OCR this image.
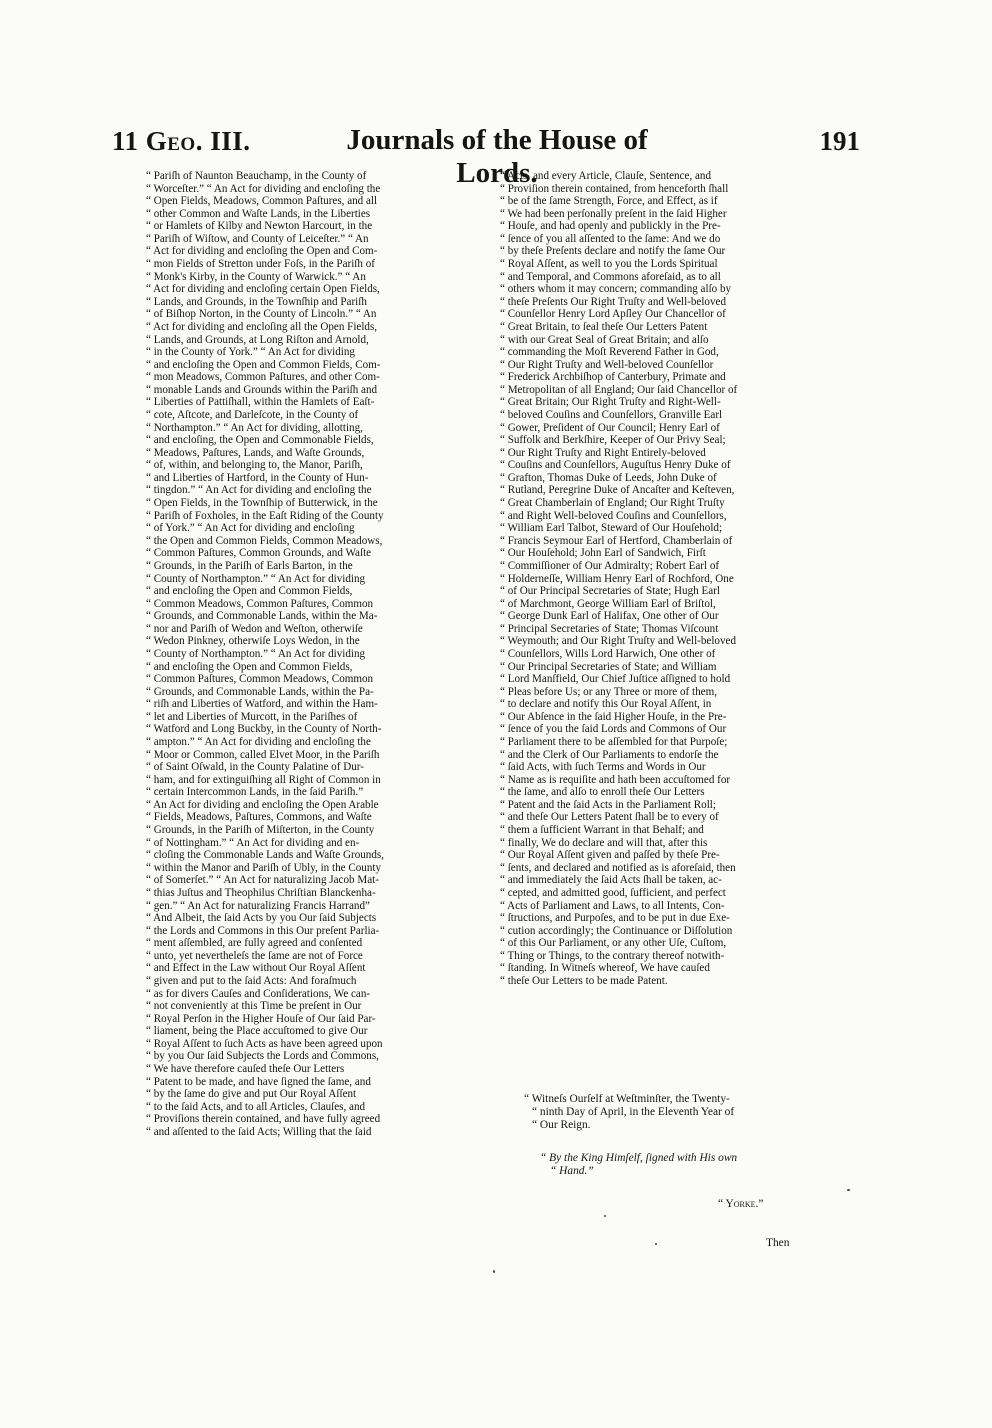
11 Geo. III.	Journals of the House of Lords.
191
“ Pariſh of Naunton Beauchamp, in the County of
“ Worceſter.” “ An Act for dividing and encloſing the
“ Open Fields, Meadows, Common Paſtures, and all
“ other Common and Waſte Lands, in the Liberties
“ or Hamlets of Kilby and Newton Harcourt, in the
“ Pariſh of Wiſtow, and County of Leiceſter.” “ An
“ Act for dividing and encloſing the Open and Com-
“ mon Fields of Stretton under Foſs, in the Pariſh of
“ Monk's Kirby, in the County of Warwick.” “ An
“ Act for dividing and encloſing certain Open Fields,
“ Lands, and Grounds, in the Townſhip and Pariſh
“ of Biſhop Norton, in the County of Lincoln.” “ An
“ Act for dividing and encloſing all the Open Fields,
“ Lands, and Grounds, at Long Riſton and Arnold,
“ in the County of York.” “ An Act for dividing
“ and encloſing the Open and Common Fields, Com-
“ mon Meadows, Common Paſtures, and other Com-
“ monable Lands and Grounds within the Pariſh and
“ Liberties of Pattiſhall, within the Hamlets of Eaſt-
“ cote, Aſtcote, and Darleſcote, in the County of
“ Northampton.” “ An Act for dividing, allotting,
“ and encloſing, the Open and Commonable Fields,
“ Meadows, Paſtures, Lands, and Waſte Grounds,
“ of, within, and belonging to, the Manor, Pariſh,
“ and Liberties of Hartford, in the County of Hun-
“ tingdon.” “ An Act for dividing and encloſing the
“ Open Fields, in the Townſhip of Butterwick, in the
“ Pariſh of Foxholes, in the Eaſt Riding of the County
“ of York.” “ An Act for dividing and encloſing
“ the Open and Common Fields, Common Meadows,
“ Common Paſtures, Common Grounds, and Waſte
“ Grounds, in the Pariſh of Earls Barton, in the
“ County of Northampton.” “ An Act for dividing
“ and encloſing the Open and Common Fields,
“ Common Meadows, Common Paſtures, Common
“ Grounds, and Commonable Lands, within the Ma-
“ nor and Pariſh of Wedon and Weſton, otherwiſe
“ Wedon Pinkney, otherwiſe Loys Wedon, in the
“ County of Northampton.” “ An Act for dividing
“ and encloſing the Open and Common Fields,
“ Common Paſtures, Common Meadows, Common
“ Grounds, and Commonable Lands, within the Pa-
“ riſh and Liberties of Watford, and within the Ham-
“ let and Liberties of Murcott, in the Pariſhes of
“ Watford and Long Buckby, in the County of North-
“ ampton.” “ An Act for dividing and encloſing the
“ Moor or Common, called Elvet Moor, in the Pariſh
“ of Saint Oſwald, in the County Palatine of Dur-
“ ham, and for extinguiſhing all Right of Common in
“ certain Intercommon Lands, in the ſaid Pariſh.”
“ An Act for dividing and encloſing the Open Arable
“ Fields, Meadows, Paſtures, Commons, and Waſte
“ Grounds, in the Pariſh of Miſterton, in the County
“ of Nottingham.” “ An Act for dividing and en-
“ cloſing the Commonable Lands and Waſte Grounds,
“ within the Manor and Pariſh of Ubly, in the County
“ of Somerſet.” “ An Act for naturalizing Jacob Mat-
“ thias Juſtus and Theophilus Chriſtian Blanckenha-
“ gen.” “ An Act for naturalizing Francis Harrand”
“ And Albeit, the ſaid Acts by you Our ſaid Subjects
“ the Lords and Commons in this Our preſent Parlia-
“ ment aſſembled, are fully agreed and conſented
“ unto, yet nevertheleſs the ſame are not of Force
“ and Effect in the Law without Our Royal Aſſent
“ given and put to the ſaid Acts: And foraſmuch
“ as for divers Cauſes and Conſiderations, We can-
“ not conveniently at this Time be preſent in Our
“ Royal Perſon in the Higher Houſe of Our ſaid Par-
“ liament, being the Place accuſtomed to give Our
“ Royal Aſſent to ſuch Acts as have been agreed upon
“ by you Our ſaid Subjects the Lords and Commons,
“ We have therefore cauſed theſe Our Letters
“ Patent to be made, and have ſigned the ſame, and
“ by the ſame do give and put Our Royal Aſſent
“ to the ſaid Acts, and to all Articles, Clauſes, and
“ Proviſions therein contained, and have fully agreed
“ and aſſented to the ſaid Acts; Willing that the ſaid
“ Acts, and every Article, Clauſe, Sentence, and
“ Proviſion therein contained, from henceforth ſhall
“ be of the ſame Strength, Force, and Effect, as if
“ We had been perſonally preſent in the ſaid Higher
“ Houſe, and had openly and publickly in the Pre-
“ ſence of you all aſſented to the ſame: And we do
“ by theſe Preſents declare and notify the ſame Our
“ Royal Aſſent, as well to you the Lords Spiritual
“ and Temporal, and Commons aforeſaid, as to all
“ others whom it may concern; commanding alſo by
“ theſe Preſents Our Right Truſty and Well-beloved
“ Counſellor Henry Lord Apſley Our Chancellor of
“ Great Britain, to ſeal theſe Our Letters Patent
“ with our Great Seal of Great Britain; and alſo
“ commanding the Moſt Reverend Father in God,
“ Our Right Truſty and Well-beloved Counſellor
“ Frederick Archbiſhop of Canterbury, Primate and
“ Metropolitan of all England; Our ſaid Chancellor of
“ Great Britain; Our Right Truſty and Right-Well-
“ beloved Couſins and Counſellors, Granville Earl
“ Gower, Preſident of Our Council; Henry Earl of
“ Suffolk and Berkſhire, Keeper of Our Privy Seal;
“ Our Right Truſty and Right Entirely-beloved
“ Couſins and Counſellors, Auguſtus Henry Duke of
“ Grafton, Thomas Duke of Leeds, John Duke of
“ Rutland, Peregrine Duke of Ancaſter and Keſteven,
“ Great Chamberlain of England; Our Right Truſty
“ and Right Well-beloved Couſins and Counſellors,
“ William Earl Talbot, Steward of Our Houſehold;
“ Francis Seymour Earl of Hertford, Chamberlain of
“ Our Houſehold; John Earl of Sandwich, Firſt
“ Commiſſioner of Our Admiralty; Robert Earl of
“ Holderneſſe, William Henry Earl of Rochford, One
“ of Our Principal Secretaries of State; Hugh Earl
“ of Marchmont, George William Earl of Briſtol,
“ George Dunk Earl of Halifax, One other of Our
“ Principal Secretaries of State; Thomas Viſcount
“ Weymouth; and Our Right Truſty and Well-beloved
“ Counſellors, Wills Lord Harwich, One other of
“ Our Principal Secretaries of State; and William
“ Lord Manſfield, Our Chief Juſtice aſſigned to hold
“ Pleas before Us; or any Three or more of them,
“ to declare and notify this Our Royal Aſſent, in
“ Our Abſence in the ſaid Higher Houſe, in the Pre-
“ ſence of you the ſaid Lords and Commons of Our
“ Parliament there to be aſſembled for that Purpoſe;
“ and the Clerk of Our Parliaments to endorſe the
“ ſaid Acts, with ſuch Terms and Words in Our
“ Name as is requiſite and hath been accuſtomed for
“ the ſame, and alſo to enroll theſe Our Letters
“ Patent and the ſaid Acts in the Parliament Roll;
“ and theſe Our Letters Patent ſhall be to every of
“ them a ſufficient Warrant in that Behalf; and
“ finally, We do declare and will that, after this
“ Our Royal Aſſent given and paſſed by theſe Pre-
“ ſents, and declared and notified as is aforeſaid, then
“ and immediately the ſaid Acts ſhall be taken, ac-
“ cepted, and admitted good, ſufficient, and perfect
“ Acts of Parliament and Laws, to all Intents, Con-
“ ſtructions, and Purpoſes, and to be put in due Exe-
“ cution accordingly; the Continuance or Diſſolution
“ of this Our Parliament, or any other Uſe, Cuſtom,
“ Thing or Things, to the contrary thereof notwith-
“ ſtanding. In Witneſs whereof, We have cauſed
“ theſe Our Letters to be made Patent.
“ Witneſs Ourſelf at Weſtminſter, the Twenty-
“ ninth Day of April, in the Eleventh Year of
“ Our Reign.
“ By the King Himſelf, ſigned with His own
“ Hand.”
“ Yorke.”
Then
